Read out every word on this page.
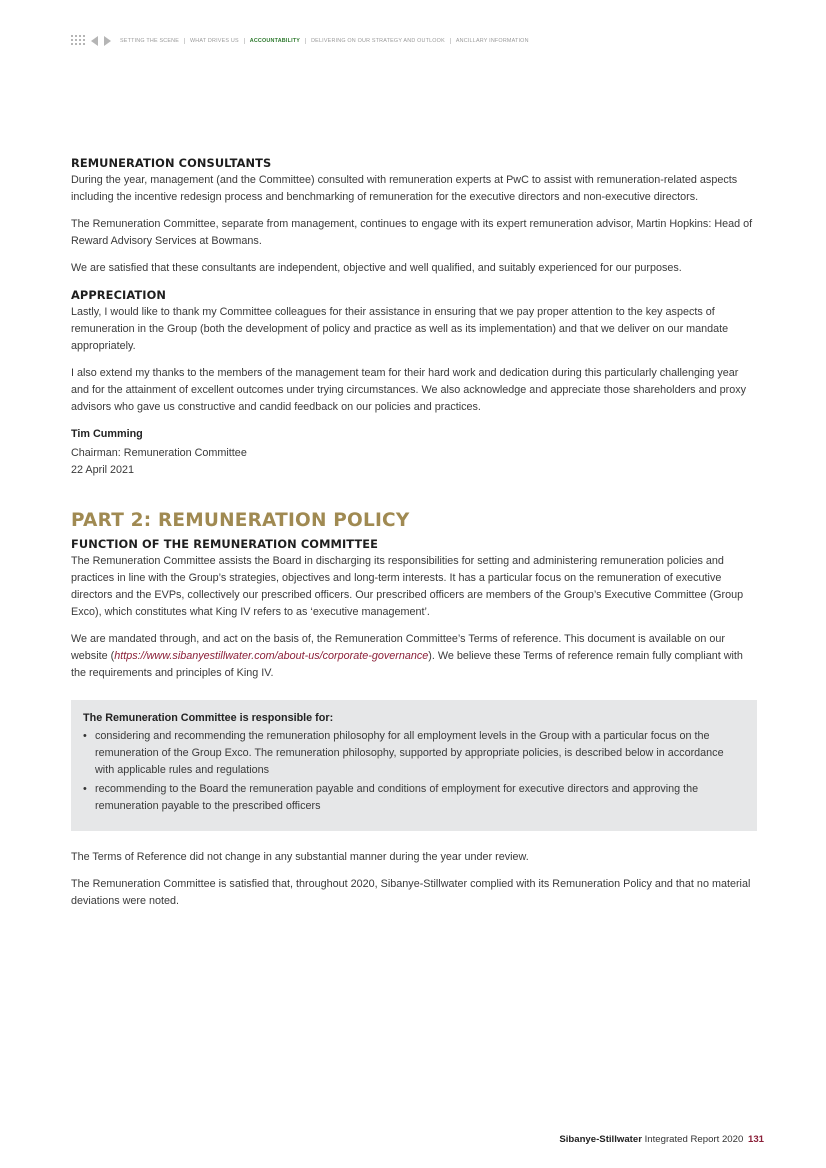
SETTING THE SCENE WHAT DRIVES US ACCOUNTABILITY DELIVERING ON OUR STRATEGY AND OUTLOOK ANCILLARY INFORMATION
REMUNERATION CONSULTANTS

During the year, management (and the Committee) consulted with remuneration experts at PwC to assist with remuneration-related aspects including the incentive redesign process and benchmarking of remuneration for the executive directors and non-executive directors.

The Remuneration Committee, separate from management, continues to engage with its expert remuneration advisor, Martin Hopkins: Head of Reward Advisory Services at Bowmans.

We are satisfied that these consultants are independent, objective and well qualified, and suitably experienced for our purposes.

APPRECIATION

Lastly, I would like to thank my Committee colleagues for their assistance in ensuring that we pay proper attention to the key aspects of remuneration in the Group (both the development of policy and practice as well as its implementation) and that we deliver on our mandate appropriately.

I also extend my thanks to the members of the management team for their hard work and dedication during this particularly challenging year and for the attainment of excellent outcomes under trying circumstances. We also acknowledge and appreciate those shareholders and proxy advisors who gave us constructive and candid feedback on our policies and practices.

Tim Cumming

Chairman: Remuneration Committee

22 April 2021

PART 2: REMUNERATION POLICY
FUNCTION OF THE REMUNERATION COMMITTEE

The Remuneration Committee assists the Board in discharging its responsibilities for setting and administering remuneration policies and practices in line with the Group’s strategies, objectives and long-term interests. It has a particular focus on the remuneration of executive directors and the EVPs, collectively our prescribed officers. Our prescribed officers are members of the Group’s Executive Committee (Group Exco), which constitutes what King IV refers to as ‘executive management’.

We are mandated through, and act on the basis of, the Remuneration Committee’s Terms of reference. This document is available on our website (https://www.sibanyestillwater.com/about-us/corporate-governance). We believe these Terms of reference remain fully compliant with the requirements and principles of King IV.

The Remuneration Committee is responsible for:
• considering and recommending the remuneration philosophy for all employment levels in the Group with a particular focus on the remuneration of the Group Exco. The remuneration philosophy, supported by appropriate policies, is described below in accordance with applicable rules and regulations
• recommending to the Board the remuneration payable and conditions of employment for executive directors and approving the remuneration payable to the prescribed officers

The Terms of Reference did not change in any substantial manner during the year under review.

The Remuneration Committee is satisfied that, throughout 2020, Sibanye-Stillwater complied with its Remuneration Policy and that no material deviations were noted.

Sibanye-Stillwater Integrated Report 2020 131
